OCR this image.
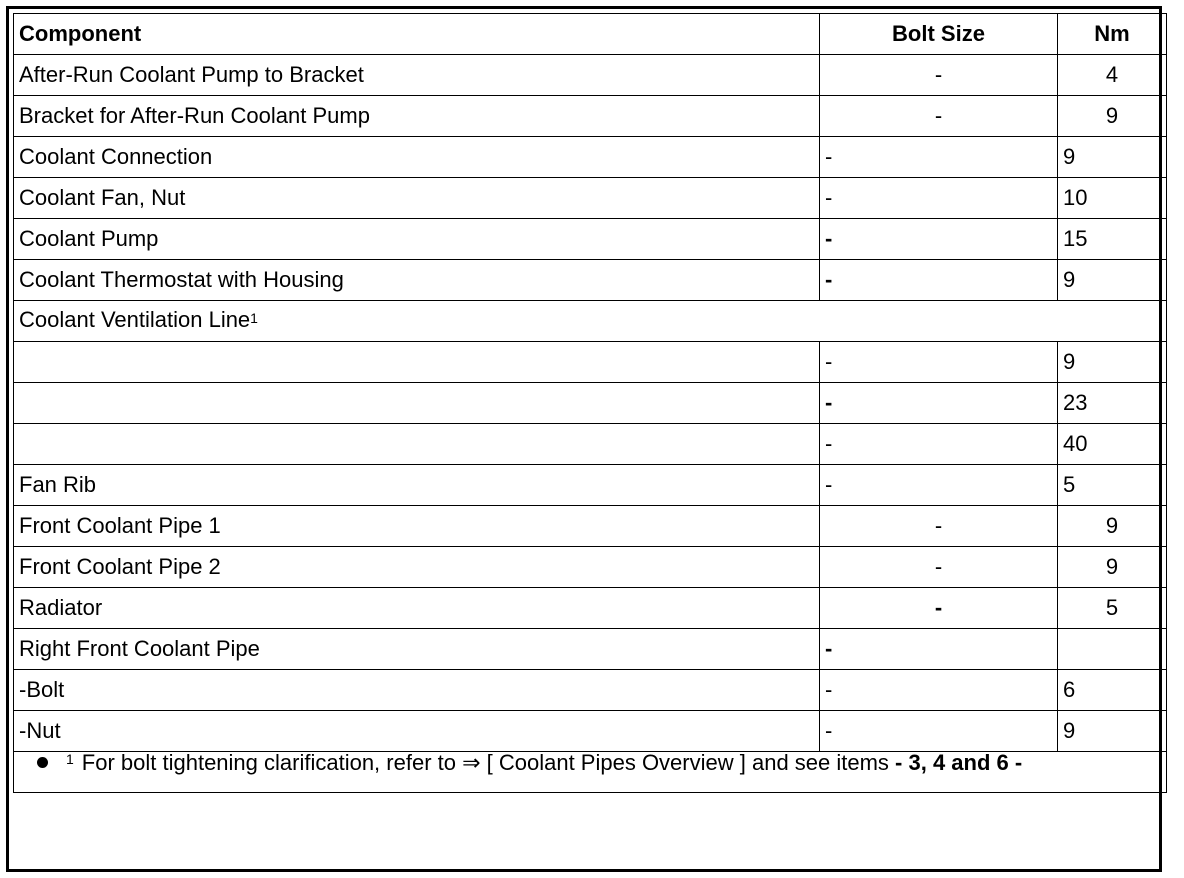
Component	Bolt Size	Nm
After-Run Coolant Pump to Bracket	-	4
Bracket for After-Run Coolant Pump	-	9
Coolant Connection	-	9
Coolant Fan, Nut	-	10
Coolant Pump	-	15
Coolant Thermostat with Housing	-	9
Coolant Ventilation Line$^1$
	-	9
	-	23
	-	40
Fan Rib	-	5
Front Coolant Pipe 1	-	9
Front Coolant Pipe 2	-	9
Radiator	-	5
Right Front Coolant Pipe	-	
-Bolt	-	6
-Nut	-	9
$^1$ For bolt tightening clarification, refer to ⇒ [ Coolant Pipes Overview ] and see items - 3, 4 and 6 -		
